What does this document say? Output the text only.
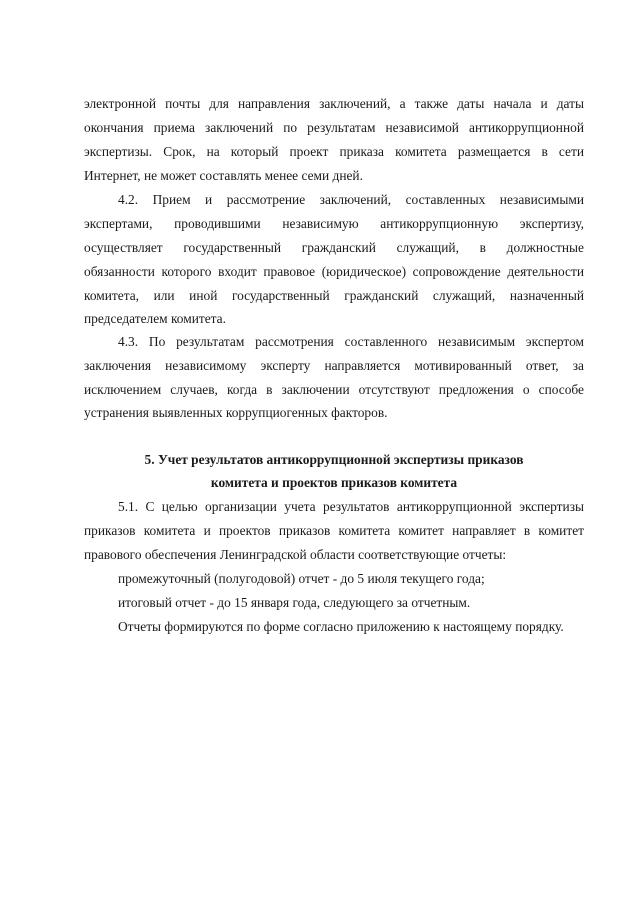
электронной почты для направления заключений, а также даты начала и даты
окончания приема заключений по результатам независимой антикоррупционной
экспертизы. Срок, на который проект приказа комитета размещается в сети
Интернет, не может составлять менее семи дней.
4.2. Прием и рассмотрение заключений, составленных независимыми
экспертами, проводившими независимую антикоррупционную экспертизу,
осуществляет государственный гражданский служащий, в должностные
обязанности которого входит правовое (юридическое) сопровождение деятельности
комитета, или иной государственный гражданский служащий, назначенный
председателем комитета.
4.3. По результатам рассмотрения составленного независимым экспертом
заключения независимому эксперту направляется мотивированный ответ, за
исключением случаев, когда в заключении отсутствуют предложения о способе
устранения выявленных коррупциогенных факторов.
5. Учет результатов антикоррупционной экспертизы приказов
комитета и проектов приказов комитета
5.1. С целью организации учета результатов антикоррупционной экспертизы
приказов комитета и проектов приказов комитета комитет направляет в комитет
правового обеспечения Ленинградской области соответствующие отчеты:
промежуточный (полугодовой) отчет - до 5 июля текущего года;
итоговый отчет - до 15 января года, следующего за отчетным.
Отчеты формируются по форме согласно приложению к настоящему порядку.
